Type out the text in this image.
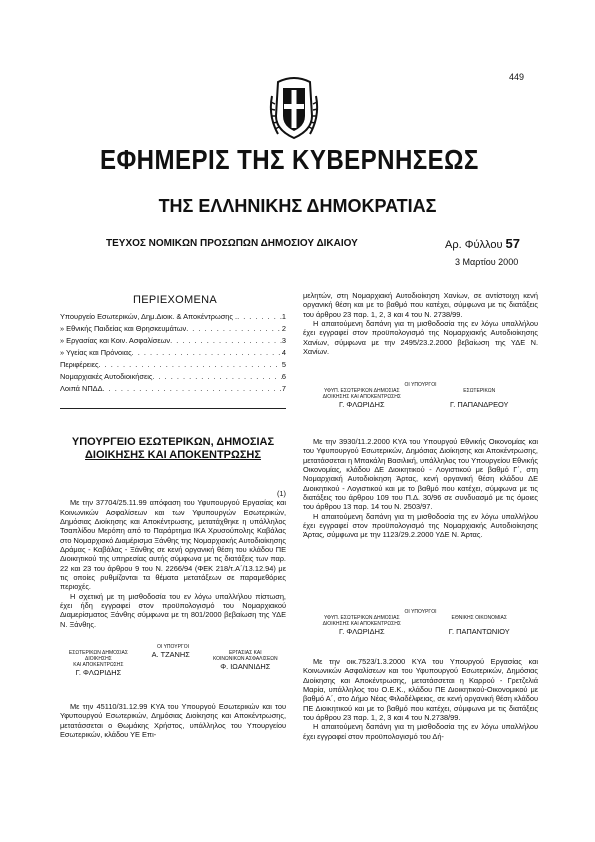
449
ΕΦΗΜΕΡΙΣ ΤΗΣ ΚΥΒΕΡΝΗΣΕΩΣ
ΤΗΣ ΕΛΛΗΝΙΚΗΣ ΔΗΜΟΚΡΑΤΙΑΣ
ΤΕΥΧΟΣ ΝΟΜΙΚΩΝ ΠΡΟΣΩΠΩΝ ΔΗΜΟΣΙΟΥ ΔΙΚΑΙΟΥ	Αρ. Φύλλου 57
3 Μαρτίου 2000
ΠΕΡΙΕΧΟΜΕΝΑ
Υπουργείο Εσωτερικών, Δημ.Διοικ. & Αποκέντρωσης . . . .	1
» Εθνικής Παιδείας και Θρησκευμάτων . . .	2
» Εργασίας και Κοιν. Ασφαλίσεων . . .	3
» Υγείας και Πρόνοιας . . .	4
Περιφέρειες . . .	5
Νομαρχιακές Αυτοδιοικήσεις . . .	6
Λοιπά ΝΠΔΔ . . .	7
ΥΠΟΥΡΓΕΙΟ ΕΣΩΤΕΡΙΚΩΝ, ΔΗΜΟΣΙΑΣ
ΔΙΟΙΚΗΣΗΣ ΚΑΙ ΑΠΟΚΕΝΤΡΩΣΗΣ

(1)

Με την 37704/25.11.99 απόφαση του Υφυπουργού Εργασίας και Κοινωνικών Ασφαλίσεων και των Υφυπουργών Εσωτερικών, Δημόσιας Διοίκησης και Αποκέντρωσης, μετατάχθηκε η υπάλληλος Τσαπλίδου Μερόπη από το Παράρτημα ΙΚΑ Χρυσούπολης Καβάλας στο Νομαρχιακό Διαμέρισμα Ξάνθης της Νομαρχιακής Αυτοδιοίκησης Δράμας - Καβάλας - Ξάνθης σε κενή οργανική θέση του κλάδου ΠΕ Διοικητικού της υπηρεσίας αυτής σύμφωνα με τις διατάξεις των παρ. 22 και 23 του άρθρου 9 του Ν. 2266/94 (ΦΕΚ 218/τ.Α΄/13.12.94) με τις οποίες ρυθμίζονται τα θέματα μετατάξεων σε παραμεθόριες περιοχές.

Η σχετική με τη μισθοδοσία του εν λόγω υπαλλήλου πίστωση, έχει ήδη εγγραφεί στον προϋπολογισμό του Νομαρχιακού Διαμερίσματος Ξάνθης σύμφωνα με τη 801/2000 βεβαίωση της ΥΔΕ Ν. Ξάνθης.

ΟΙ ΥΠΟΥΡΓΟΙ
ΕΣΩΤΕΡΙΚΩΝ ΔΗΜΟΣΙΑΣ ΔΙΟΙΚΗΣΗΣ
ΚΑΙ ΑΠΟΚΕΝΤΡΩΣΗΣ
Γ. ΦΛΩΡΙΔΗΣ
Α. ΤΖΑΝΗΣ	ΕΡΓΑΣΙΑΣ ΚΑΙ
ΚΟΙΝΩΝΙΚΩΝ ΑΣΦΑΛΙΣΕΩΝ
Φ. ΙΩΑΝΝΙΔΗΣ

Με την 45110/31.12.99 ΚΥΑ του Υπουργού Εσωτερικών και του Υφυπουργού Εσωτερικών, Δημόσιας Διοίκησης και Αποκέντρωσης, μετατάσσεται ο Θωμάκης Χρήστος, υπάλληλος του Υπουργείου Εσωτερικών, κλάδου ΥΕ Επι-

μελητών, στη Νομαρχιακή Αυτοδιοίκηση Χανίων, σε αντίστοιχη κενή οργανική θέση και με το βαθμό που κατέχει, σύμφωνα με τις διατάξεις του άρθρου 23 παρ. 1, 2, 3 και 4 του Ν. 2738/99.

Η απαιτούμενη δαπάνη για τη μισθοδοσία της εν λόγω υπαλλήλου έχει εγγραφεί στον προϋπολογισμό της Νομαρχιακής Αυτοδιοίκησης Χανίων, σύμφωνα με την 2495/23.2.2000 βεβαίωση της ΥΔΕ Ν. Χανίων.

ΟΙ ΥΠΟΥΡΓΟΙ
ΥΦΥΠ. ΕΣΩΤΕΡΙΚΩΝ ΔΗΜΟΣΙΑΣ
ΔΙΟΙΚΗΣΗΣ ΚΑΙ ΑΠΟΚΕΝΤΡΩΣΗΣ
Γ. ΦΛΩΡΙΔΗΣ
ΕΣΩΤΕΡΙΚΩΝ

Γ. ΠΑΠΑΝΔΡΕΟΥ

Με την 3930/11.2.2000 ΚΥΑ του Υπουργού Εθνικής Οικονομίας και του Υφυπουργού Εσωτερικών, Δημόσιας Διοίκησης και Αποκέντρωσης, μετατάσσεται η Μπακάλη Βασιλική, υπάλληλος του Υπουργείου Εθνικής Οικονομίας, κλάδου ΔΕ Διοικητικού - Λογιστικού με βαθμό Γ΄, στη Νομαρχιακή Αυτοδιοίκηση Άρτας, κενή οργανική θέση κλάδου ΔΕ Διοικητικού - Λογιστικού και με το βαθμό που κατέχει, σύμφωνα με τις διατάξεις του άρθρου 109 του Π.Δ. 30/96 σε συνδυασμό με τις όμοιες του άρθρου 13 παρ. 14 του Ν. 2503/97.

Η απαιτούμενη δαπάνη για τη μισθοδοσία της εν λόγω υπαλλήλου έχει εγγραφεί στον προϋπολογισμό της Νομαρχιακής Αυτοδιοίκησης Άρτας, σύμφωνα με την 1123/29.2.2000 ΥΔΕ Ν. Άρτας.

ΟΙ ΥΠΟΥΡΓΟΙ
ΥΦΥΠ. ΕΣΩΤΕΡΙΚΩΝ ΔΗΜΟΣΙΑΣ
ΔΙΟΙΚΗΣΗΣ ΚΑΙ ΑΠΟΚΕΝΤΡΩΣΗΣ
Γ. ΦΛΩΡΙΔΗΣ
ΕΘΝΙΚΗΣ ΟΙΚΟΝΟΜΙΑΣ

Γ. ΠΑΠΑΝΤΩΝΙΟΥ

Με την οικ.7523/1.3.2000 ΚΥΑ του Υπουργού Εργασίας και Κοινωνικών Ασφαλίσεων και του Υφυπουργού Εσωτερικών, Δημόσιας Διοίκησης και Αποκέντρωσης, μετατάσσεται η Καρρού - Γρετζελιά Μαρία, υπάλληλος του Ο.Ε.Κ., κλάδου ΠΕ Διοικητικού-Οικονομικού με βαθμό Α΄, στο Δήμο Νέας Φιλαδέλφειας, σε κενή οργανική θέση κλάδου ΠΕ Διοικητικού και με το βαθμό που κατέχει, σύμφωνα με τις διατάξεις του άρθρου 23 παρ. 1, 2, 3 και 4 του Ν.2738/99.

Η απαιτούμενη δαπάνη για τη μισθοδοσία της εν λόγω υπαλλήλου έχει εγγραφεί στον προϋπολογισμό του Δή-
